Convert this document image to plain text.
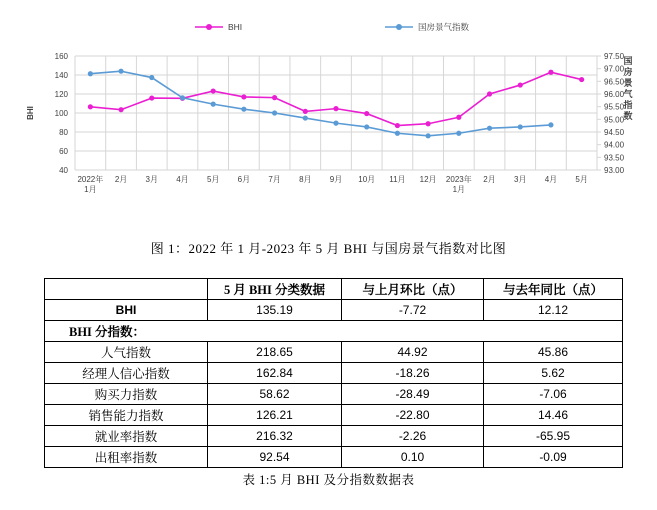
40
60
80
100
120
140
160
93.00
93.50
94.00
94.50
95.00
95.50
96.00
96.50
97.00
97.50
2022年 1月
2月 3月 4月 5月 6月 7月 8月 9月 10月 11月 12月 2023年 1月
2月 3月 4月 5月
BHI
国房景气指数
BHI	国房景气指数
图 1：2022 年 1 月-2023 年 5 月 BHI 与国房景气指数对比图
	5 月 BHI 分类数据	与上月环比（点）	与去年同比（点）
BHI	135.19	-7.72	12.12
BHI 分指数：			
人气指数	218.65	44.92	45.86
经理人信心指数	162.84	-18.26	5.62
购买力指数	58.62	-28.49	-7.06
销售能力指数	126.21	-22.80	14.46
就业率指数	216.32	-2.26	-65.95
出租率指数	92.54	0.10	-0.09
表 1:5 月 BHI 及分指数数据表
